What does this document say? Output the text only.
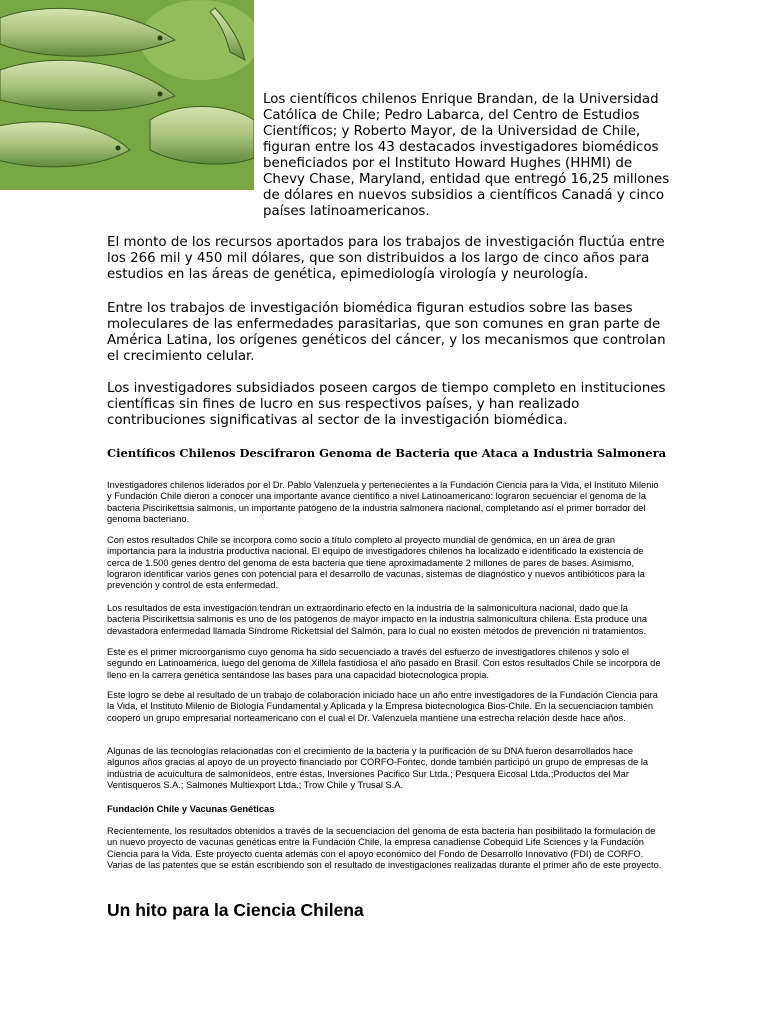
Los científicos chilenos Enrique Brandan, de la Universidad Católica de Chile; Pedro Labarca, del Centro de Estudios Científicos; y Roberto Mayor, de la Universidad de Chile, figuran entre los 43 destacados investigadores biomédicos beneficiados por el Instituto Howard Hughes (HHMI) de Chevy Chase, Maryland, entidad que entregó 16,25 millones de dólares en nuevos subsidios a científicos Canadá y cinco países latinoamericanos.

El monto de los recursos aportados para los trabajos de investigación fluctúa entre los 266 mil y 450 mil dólares, que son distribuidos a los largo de cinco años para estudios en las áreas de genética, epimediología virología y neurología.

Entre los trabajos de investigación biomédica figuran estudios sobre las bases moleculares de las enfermedades parasitarias, que son comunes en gran parte de América Latina, los orígenes genéticos del cáncer, y los mecanismos que controlan el crecimiento celular.

Los investigadores subsidiados poseen cargos de tiempo completo en instituciones científicas sin fines de lucro en sus respectivos países, y han realizado contribuciones significativas al sector de la investigación biomédica.

Científicos Chilenos Descifraron Genoma de Bacteria que Ataca a Industria Salmonera

Investigadores chilenos liderados por el Dr. Pablo Valenzuela y pertenecientes a la Fundación Ciencia para la Vida, el Instituto Milenio y Fundación Chile dieron a conocer una importante avance científico a nivel Latinoamericano: lograron secuenciar el genoma de la bacteria Piscirikettsia salmonis, un importante patógeno de la industria salmonera nacional, completando así el primer borrador del genoma bacteriano.

Con estos resultados Chile se incorpora como socio a título completo al proyecto mundial de genómica, en un área de gran importancia para la industria productiva nacional. El equipo de investigadores chilenos ha localizado e identificado la existencia de cerca de 1.500 genes dentro del genoma de esta bacteria que tiene aproximadamente 2 millones de pares de bases. Asimismo, lograron identificar varios genes con potencial para el desarrollo de vacunas, sistemas de diagnóstico y nuevos antibióticos para la prevención y control de esta enfermedad.

Los resultados de esta investigación tendrán un extraordinario efecto en la industria de la salmonicultura nacional, dado que la bacteria Piscirikettsia salmonis es uno de los patógenos de mayor impacto en la industria salmonicultura chilena. Esta produce una devastadora enfermedad llamada Síndrome Rickettsial del Salmón, para lo cual no existen métodos de prevención ni tratamientos.

Este es el primer microorganismo cuyo genoma ha sido secuenciado a través del esfuerzo de investigadores chilenos y solo el segundo en Latinoamérica, luego del genoma de Xillela fastidiosa el año pasado en Brasil. Con estos resultados Chile se incorpora de lleno en la carrera genética sentándose las bases para una capacidad biotecnologica propia.

Este logro se debe al resultado de un trabajo de colaboración iniciado hace un año entre investigadores de la Fundación Ciencia para la Vida, el Instituto Milenio de Biología Fundamental y Aplicada y la Empresa biotecnologica Bios-Chile. En la secuenciacion también cooperó un grupo empresarial norteamericano con el cual el Dr. Valenzuela mantiene una estrecha relación desde hace años.

Algunas de las tecnologías relacionadas con el crecimiento de la bacteria y la purificación de su DNA fueron desarrollados hace algunos años gracias al apoyo de un proyecto financiado por CORFO-Fontec, donde también participó un grupo de empresas de la industria de acuicultura de salmonídeos, entre éstas, Inversiones Pacifico Sur Ltda.; Pesquera Eicosal Ltda.;Productos del Mar Ventisqueros S.A.; Salmones Multiexport Ltda.; Trow Chile y Trusal S.A.

Fundación Chile y Vacunas Genéticas

Recientemente, los resultados obtenidos a través de la secuenciacion del genoma de esta bacteria han posibilitado la formulación de un nuevo proyecto de vacunas genéticas entre la Fundación Chile, la empresa canadiense Cobequid Life Sciences y la Fundación Ciencia para la Vida. Este proyecto cuenta además con el apoyo económico del Fondo de Desarrollo Innovativo (FDI) de CORFO. Varias de las patentes que se están escribiendo son el resultado de investigaciones realizadas durante el primer año de este proyecto.

Un hito para la Ciencia Chilena
